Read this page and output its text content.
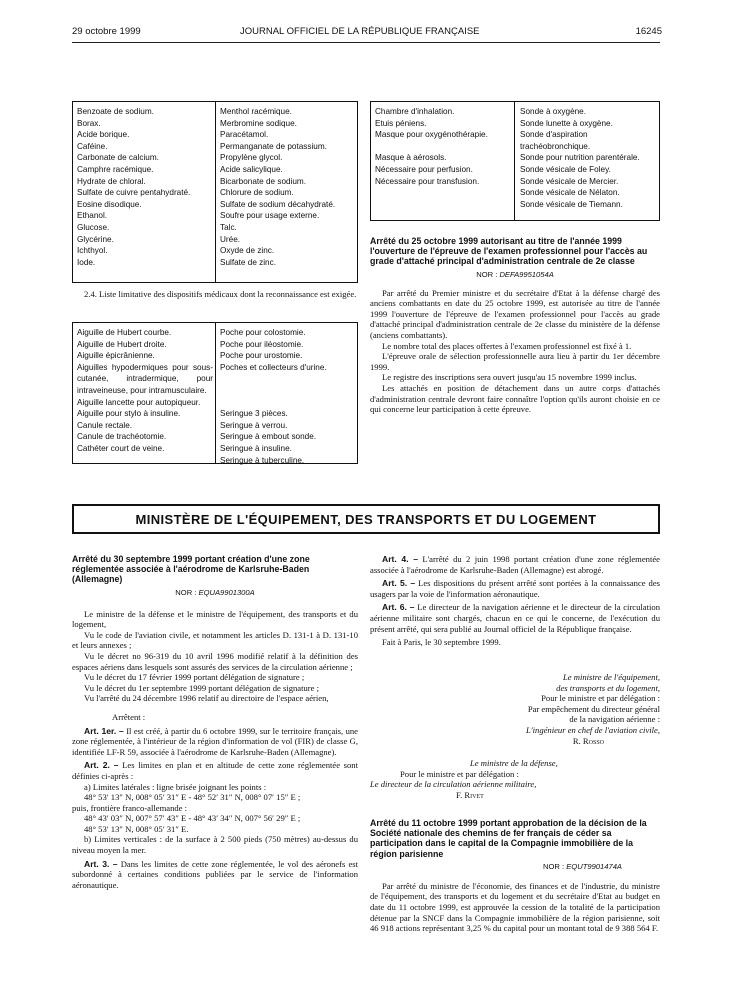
29 octobre 1999	JOURNAL OFFICIEL DE LA RÉPUBLIQUE FRANÇAISE	16245
Benzoate de sodium.
Borax.
Acide borique.
Caféine.
Carbonate de calcium.
Camphre racémique.
Hydrate de chloral.
Sulfate de cuivre pentahydraté.
Eosine disodique.
Ethanol.
Glucose.
Glycérine.
Ichthyol.
Iode.
Menthol racémique.
Merbromine sodique.
Paracétamol.
Permanganate de potassium.
Propylène glycol.
Acide salicylique.
Bicarbonate de sodium.
Chlorure de sodium.
Sulfate de sodium décahydraté.
Soufre pour usage externe.
Talc.
Urée.
Oxyde de zinc.
Sulfate de zinc.

2.4. Liste limitative des dispositifs médicaux dont la reconnaissance est exigée.

Aiguille de Hubert courbe.
Aiguille de Hubert droite.
Aiguille épicrânienne.
Aiguilles hypodermiques pour sous-cutanée, intradermique, pour intraveineuse, pour intramusculaire.
Aiguille lancette pour autopiqueur.
Aiguille pour stylo à insuline.
Canule rectale.
Canule de trachéotomie.
Cathéter court de veine.
Poche pour colostomie.
Poche pour iléostomie.
Poche pour urostomie.
Poches et collecteurs d'urine.
Seringue 3 pièces.
Seringue à verrou.
Seringue à embout sonde.
Seringue à insuline.
Seringue à tuberculine.
Chambre d'inhalation.
Etuis péniens.
Masque pour oxygénothérapie.
Masque à aérosols.
Nécessaire pour perfusion.
Nécessaire pour transfusion.
Sonde à oxygène.
Sonde lunette à oxygène.
Sonde d'aspiration trachéobronchique.
Sonde pour nutrition parentérale.
Sonde vésicale de Foley.
Sonde vésicale de Mercier.
Sonde vésicale de Nélaton.
Sonde vésicale de Tiemann.
Arrêté du 25 octobre 1999 autorisant au titre de l'année 1999 l'ouverture de l'épreuve de l'examen professionnel pour l'accès au grade d'attaché principal d'administration centrale de 2e classe
NOR : DEFA9951054A

Par arrêté du Premier ministre et du secrétaire d'Etat à la défense chargé des anciens combattants en date du 25 octobre 1999, est autorisée au titre de l'année 1999 l'ouverture de l'épreuve de l'examen professionnel pour l'accès au grade d'attaché principal d'administration centrale de 2e classe du ministère de la défense (anciens combattants).

Le nombre total des places offertes à l'examen professionnel est fixé à 1.

L'épreuve orale de sélection professionnelle aura lieu à partir du 1er décembre 1999.

Le registre des inscriptions sera ouvert jusqu'au 15 novembre 1999 inclus.

Les attachés en position de détachement dans un autre corps d'attachés d'administration centrale devront faire connaître l'option qu'ils auront choisie en ce qui concerne leur participation à cette épreuve.

MINISTÈRE DE L'ÉQUIPEMENT, DES TRANSPORTS ET DU LOGEMENT
Arrêté du 30 septembre 1999 portant création d'une zone réglementée associée à l'aérodrome de Karlsruhe-Baden (Allemagne)
NOR : EQUA9901300A

Le ministre de la défense et le ministre de l'équipement, des transports et du logement,

Vu le code de l'aviation civile, et notamment les articles D. 131-1 à D. 131-10 et leurs annexes ;

Vu le décret no 96-319 du 10 avril 1996 modifié relatif à la définition des espaces aériens dans lesquels sont assurés des services de la circulation aérienne ;

Vu le décret du 17 février 1999 portant délégation de signature ;

Vu le décret du 1er septembre 1999 portant délégation de signature ;

Vu l'arrêté du 24 décembre 1996 relatif au directoire de l'espace aérien,

Arrêtent :

Art. 1er. – Il est créé, à partir du 6 octobre 1999, sur le territoire français, une zone réglementée, à l'intérieur de la région d'information de vol (FIR) de classe G, identifiée LF-R 59, associée à l'aérodrome de Karlsruhe-Baden (Allemagne).

Art. 2. – Les limites en plan et en altitude de cette zone réglementée sont définies ci-après :

a) Limites latérales : ligne brisée joignant les points :

48° 53′ 13″ N, 008° 05′ 31″ E - 48° 52′ 31″ N, 008° 07′ 15″ E ;

puis, frontière franco-allemande :

48° 43′ 03″ N, 007° 57′ 43″ E - 48° 43′ 34″ N, 007° 56′ 29″ E ;

48° 53′ 13″ N, 008° 05′ 31″ E.

b) Limites verticales : de la surface à 2 500 pieds (750 mètres) au-dessus du niveau moyen la mer.

Art. 3. – Dans les limites de cette zone réglementée, le vol des aéronefs est subordonné à certaines conditions publiées par le service de l'information aéronautique.

Art. 4. – L'arrêté du 2 juin 1998 portant création d'une zone réglementée associée à l'aérodrome de Karlsruhe-Baden (Allemagne) est abrogé.

Art. 5. – Les dispositions du présent arrêté sont portées à la connaissance des usagers par la voie de l'information aéronautique.

Art. 6. – Le directeur de la navigation aérienne et le directeur de la circulation aérienne militaire sont chargés, chacun en ce qui le concerne, de l'exécution du présent arrêté, qui sera publié au Journal officiel de la République française.

Fait à Paris, le 30 septembre 1999.

Le ministre de l'équipement,
des transports et du logement,
Pour le ministre et par délégation :
Par empêchement du directeur général
de la navigation aérienne :
L'ingénieur en chef de l'aviation civile,
R. Rosso
Le ministre de la défense,
Pour le ministre et par délégation :
Le directeur de la circulation aérienne militaire,
F. Rivet
Arrêté du 11 octobre 1999 portant approbation de la décision de la Société nationale des chemins de fer français de céder sa participation dans le capital de la Compagnie immobilière de la région parisienne
NOR : EQUT9901474A

Par arrêté du ministre de l'économie, des finances et de l'industrie, du ministre de l'équipement, des transports et du logement et du secrétaire d'Etat au budget en date du 11 octobre 1999, est approuvée la cession de la totalité de la participation détenue par la SNCF dans la Compagnie immobilière de la région parisienne, soit 46 918 actions représentant 3,25 % du capital pour un montant total de 9 388 564 F.
